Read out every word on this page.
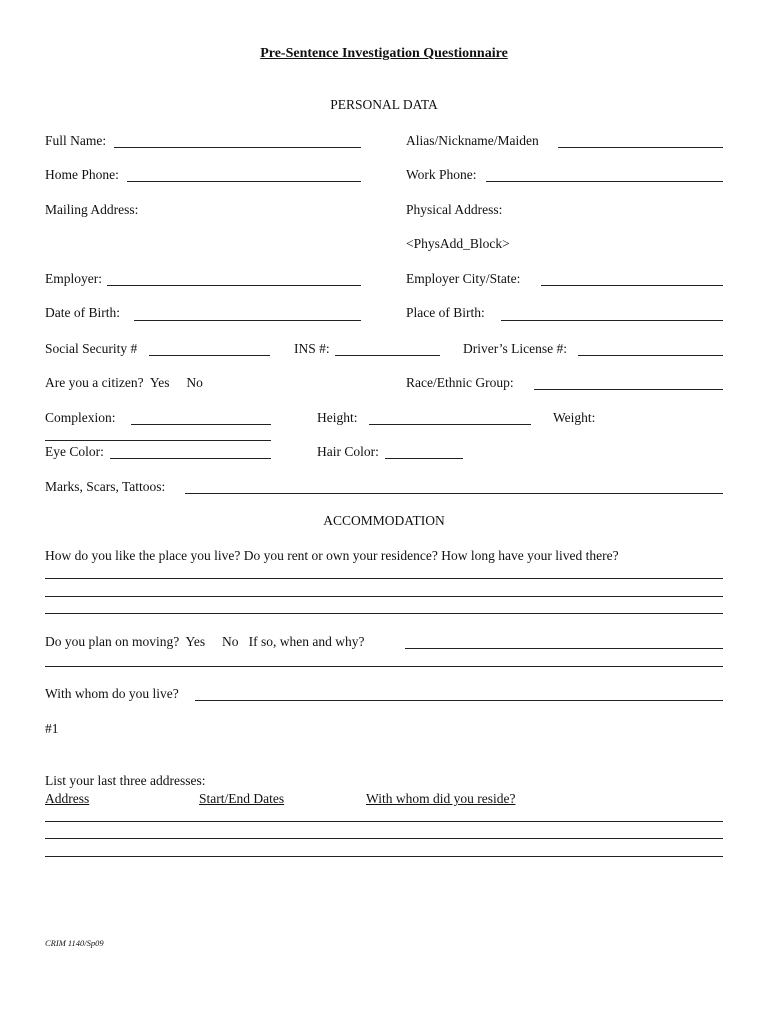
Pre-Sentence Investigation Questionnaire
PERSONAL DATA
Full Name:	Alias/Nickname/Maiden
Home Phone:	Work Phone:
Mailing Address:	Physical Address:
<PhysAdd_Block>
Employer:	Employer City/State:
Date of Birth:	Place of Birth:
Social Security #	INS #:	Driver’s License #:
Are you a citizen?  Yes     No	Race/Ethnic Group:
Complexion:	Height:	Weight:
Eye Color:	Hair Color:
Marks, Scars, Tattoos:
ACCOMMODATION
How do you like the place you live? Do you rent or own your residence? How long have your lived there?
Do you plan on moving?  Yes     No   If so, when and why?
With whom do you live?
#1
List your last three addresses:
Address	Start/End Dates	With whom did you reside?
CRIM 1140/Sp09
